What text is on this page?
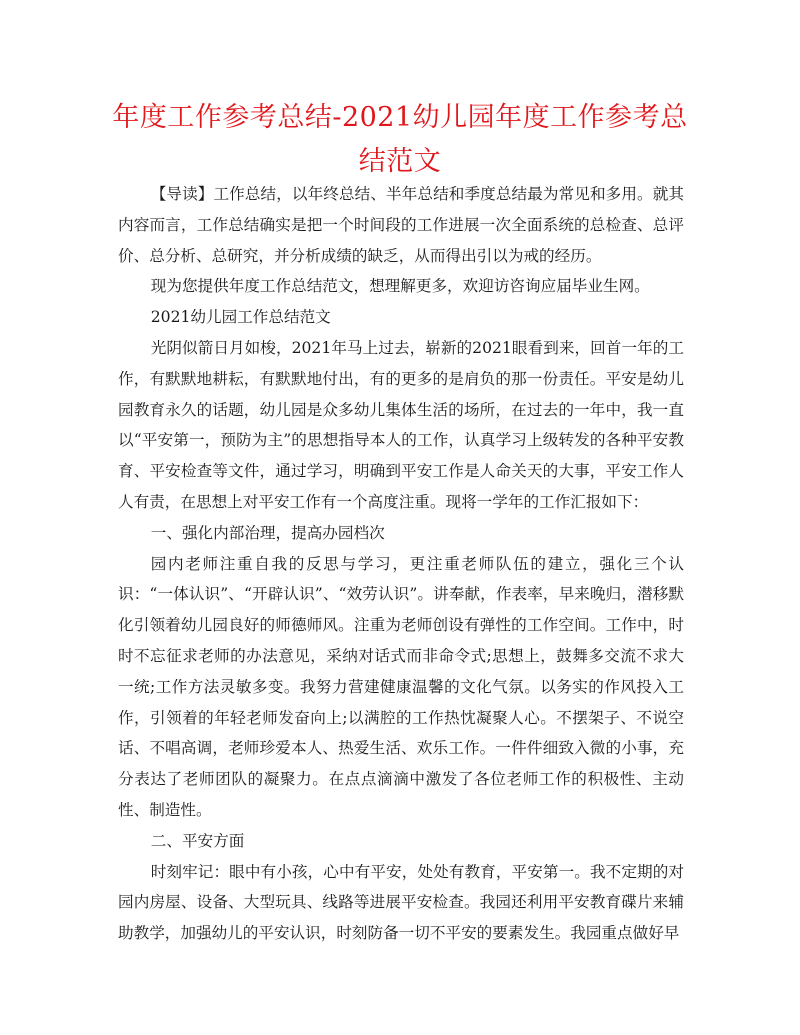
年度工作参考总结-2021幼儿园年度工作参考总结范文

【导读】工作总结，以年终总结、半年总结和季度总结最为常见和多用。就其内容而言，工作总结确实是把一个时间段的工作进展一次全面系统的总检查、总评价、总分析、总研究，并分析成绩的缺乏，从而得出引以为戒的经历。

现为您提供年度工作总结范文，想理解更多，欢迎访咨询应届毕业生网。

2021幼儿园工作总结范文

光阴似箭日月如梭，2021年马上过去，崭新的2021眼看到来，回首一年的工作，有默默地耕耘，有默默地付出，有的更多的是肩负的那一份责任。平安是幼儿园教育永久的话题，幼儿园是众多幼儿集体生活的场所，在过去的一年中，我一直以“平安第一，预防为主”的思想指导本人的工作，认真学习上级转发的各种平安教育、平安检查等文件，通过学习，明确到平安工作是人命关天的大事，平安工作人人有责，在思想上对平安工作有一个高度注重。现将一学年的工作汇报如下：

一、强化内部治理，提高办园档次

园内老师注重自我的反思与学习，更注重老师队伍的建立，强化三个认识：“一体认识”、“开辟认识”、“效劳认识”。讲奉献，作表率，早来晚归，潜移默化引领着幼儿园良好的师德师风。注重为老师创设有弹性的工作空间。工作中，时时不忘征求老师的办法意见，采纳对话式而非命令式;思想上，鼓舞多交流不求大一统;工作方法灵敏多变。我努力营建健康温馨的文化气氛。以务实的作风投入工作，引领着的年轻老师发奋向上;以满腔的工作热忱凝聚人心。不摆架子、不说空话、不唱高调，老师珍爱本人、热爱生活、欢乐工作。一件件细致入微的小事，充分表达了老师团队的凝聚力。在点点滴滴中激发了各位老师工作的积极性、主动性、制造性。

二、平安方面

时刻牢记：眼中有小孩，心中有平安，处处有教育，平安第一。我不定期的对园内房屋、设备、大型玩具、线路等进展平安检查。我园还利用平安教育碟片来辅助教学，加强幼儿的平安认识，时刻防备一切不平安的要素发生。我园重点做好早
